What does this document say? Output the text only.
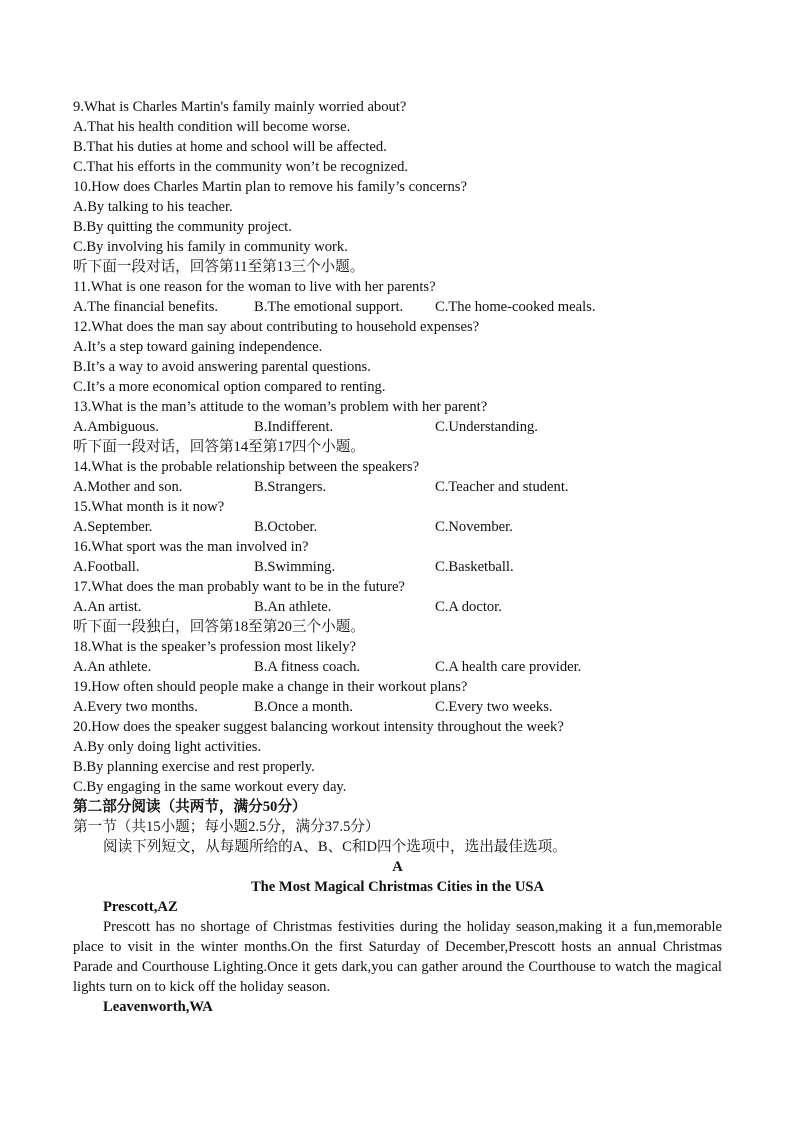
9.What is Charles Martin's family mainly worried about?
A.That his health condition will become worse.
B.That his duties at home and school will be affected.
C.That his efforts in the community won’t be recognized.
10.How does Charles Martin plan to remove his family’s concerns?
A.By talking to his teacher.
B.By quitting the community project.
C.By involving his family in community work.
听下面一段对话，回答第11至第13三个小题。
11.What is one reason for the woman to live with her parents?
A.The financial benefits.	B.The emotional support.	C.The home-cooked meals.
12.What does the man say about contributing to household expenses?
A.It’s a step toward gaining independence.
B.It’s a way to avoid answering parental questions.
C.It’s a more economical option compared to renting.
13.What is the man’s attitude to the woman’s problem with her parent?
A.Ambiguous.	B.Indifferent.	C.Understanding.
听下面一段对话，回答第14至第17四个小题。
14.What is the probable relationship between the speakers?
A.Mother and son.	B.Strangers.	C.Teacher and student.
15.What month is it now?
A.September.	B.October.	C.November.
16.What sport was the man involved in?
A.Football.	B.Swimming.	C.Basketball.
17.What does the man probably want to be in the future?
A.An artist.	B.An athlete.	C.A doctor.
听下面一段独白，回答第18至第20三个小题。
18.What is the speaker’s profession most likely?
A.An athlete.	B.A fitness coach.	C.A health care provider.
19.How often should people make a change in their workout plans?
A.Every two months.	B.Once a month.	C.Every two weeks.
20.How does the speaker suggest balancing workout intensity throughout the week?
A.By only doing light activities.
B.By planning exercise and rest properly.
C.By engaging in the same workout every day.
第二部分阅读（共两节，满分50分）
第一节（共15小题；每小题2.5分，满分37.5分）
阅读下列短文，从每题所给的A、B、C和D四个选项中，选出最佳选项。
A
The Most Magical Christmas Cities in the USA
Prescott,AZ
Prescott has no shortage of Christmas festivities during the holiday season,making it a fun,memorable place to visit in the winter months.On the first Saturday of December,Prescott hosts an annual Christmas Parade and Courthouse Lighting.Once it gets dark,you can gather around the Courthouse to watch the magical lights turn on to kick off the holiday season.
Leavenworth,WA
